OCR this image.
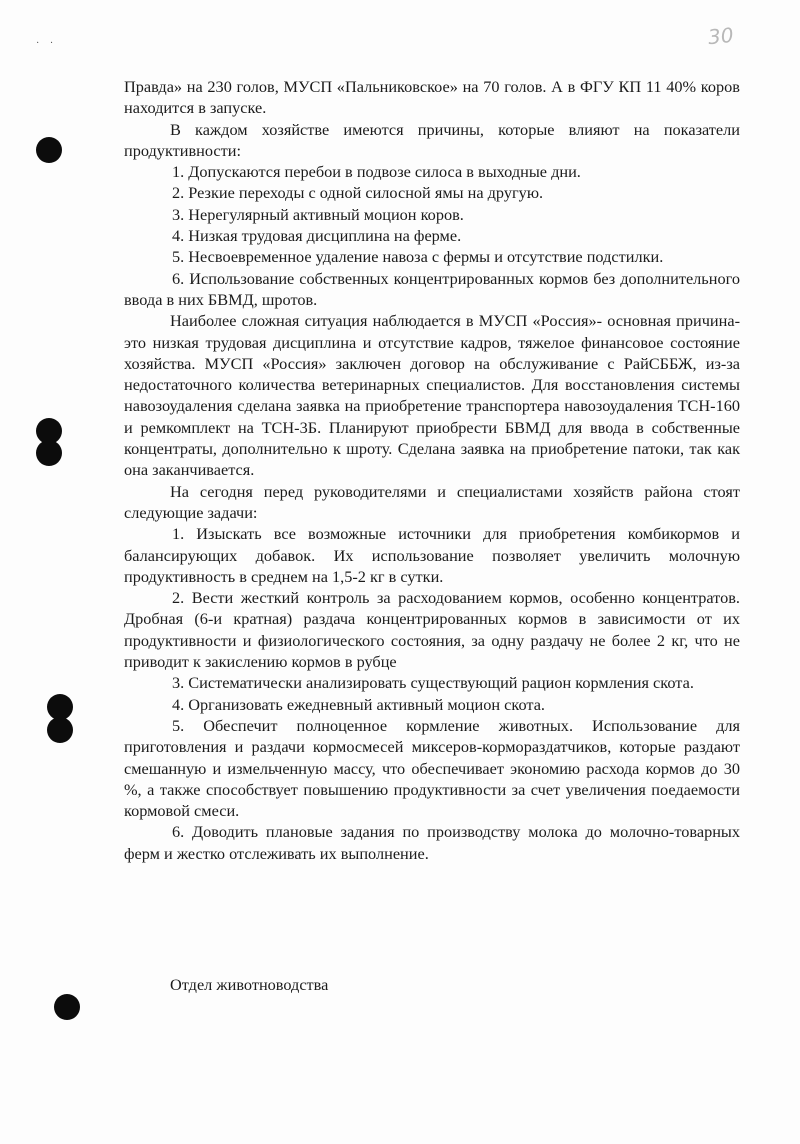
30
· ·

Правда» на 230 голов, МУСП «Пальниковское» на 70 голов. А в ФГУ КП 11 40% коров находится в запуске.

В каждом хозяйстве имеются причины, которые влияют на показатели продуктивности:

1. Допускаются перебои в подвозе силоса в выходные дни.

2. Резкие переходы с одной силосной ямы на другую.

3. Нерегулярный активный моцион коров.

4. Низкая трудовая дисциплина на ферме.

5. Несвоевременное удаление навоза с фермы и отсутствие подстилки.

6. Использование собственных концентрированных кормов без дополнительного ввода в них БВМД, шротов.

Наиболее сложная ситуация наблюдается в МУСП «Россия»- основная причина-это низкая трудовая дисциплина и отсутствие кадров, тяжелое финансовое состояние хозяйства. МУСП «Россия» заключен договор на обслуживание с РайСББЖ, из-за недостаточного количества ветеринарных специалистов. Для восстановления системы навозоудаления сделана заявка на приобретение транспортера навозоудаления ТСН-160 и ремкомплект на ТСН-3Б. Планируют приобрести БВМД для ввода в собственные концентраты, дополнительно к шроту. Сделана заявка на приобретение патоки, так как она заканчивается.

На сегодня перед руководителями и специалистами хозяйств района стоят следующие задачи:

1. Изыскать все возможные источники для приобретения комбикормов и балансирующих добавок. Их использование позволяет увеличить молочную продуктивность в среднем на 1,5-2 кг в сутки.

2. Вести жесткий контроль за расходованием кормов, особенно концентратов. Дробная (6-и кратная) раздача концентрированных кормов в зависимости от их продуктивности и физиологического состояния, за одну раздачу не более 2 кг, что не приводит к закислению кормов в рубце

3. Систематически анализировать существующий рацион кормления скота.

4. Организовать ежедневный активный моцион скота.

5. Обеспечит полноценное кормление животных. Использование для приготовления и раздачи кормосмесей миксеров-кормораздатчиков, которые раздают смешанную и измельченную массу, что обеспечивает экономию расхода кормов до 30 %, а также способствует повышению продуктивности за счет увеличения поедаемости кормовой смеси.

6. Доводить плановые задания по производству молока до молочно-товарных ферм и жестко отслеживать их выполнение.

Отдел животноводства
